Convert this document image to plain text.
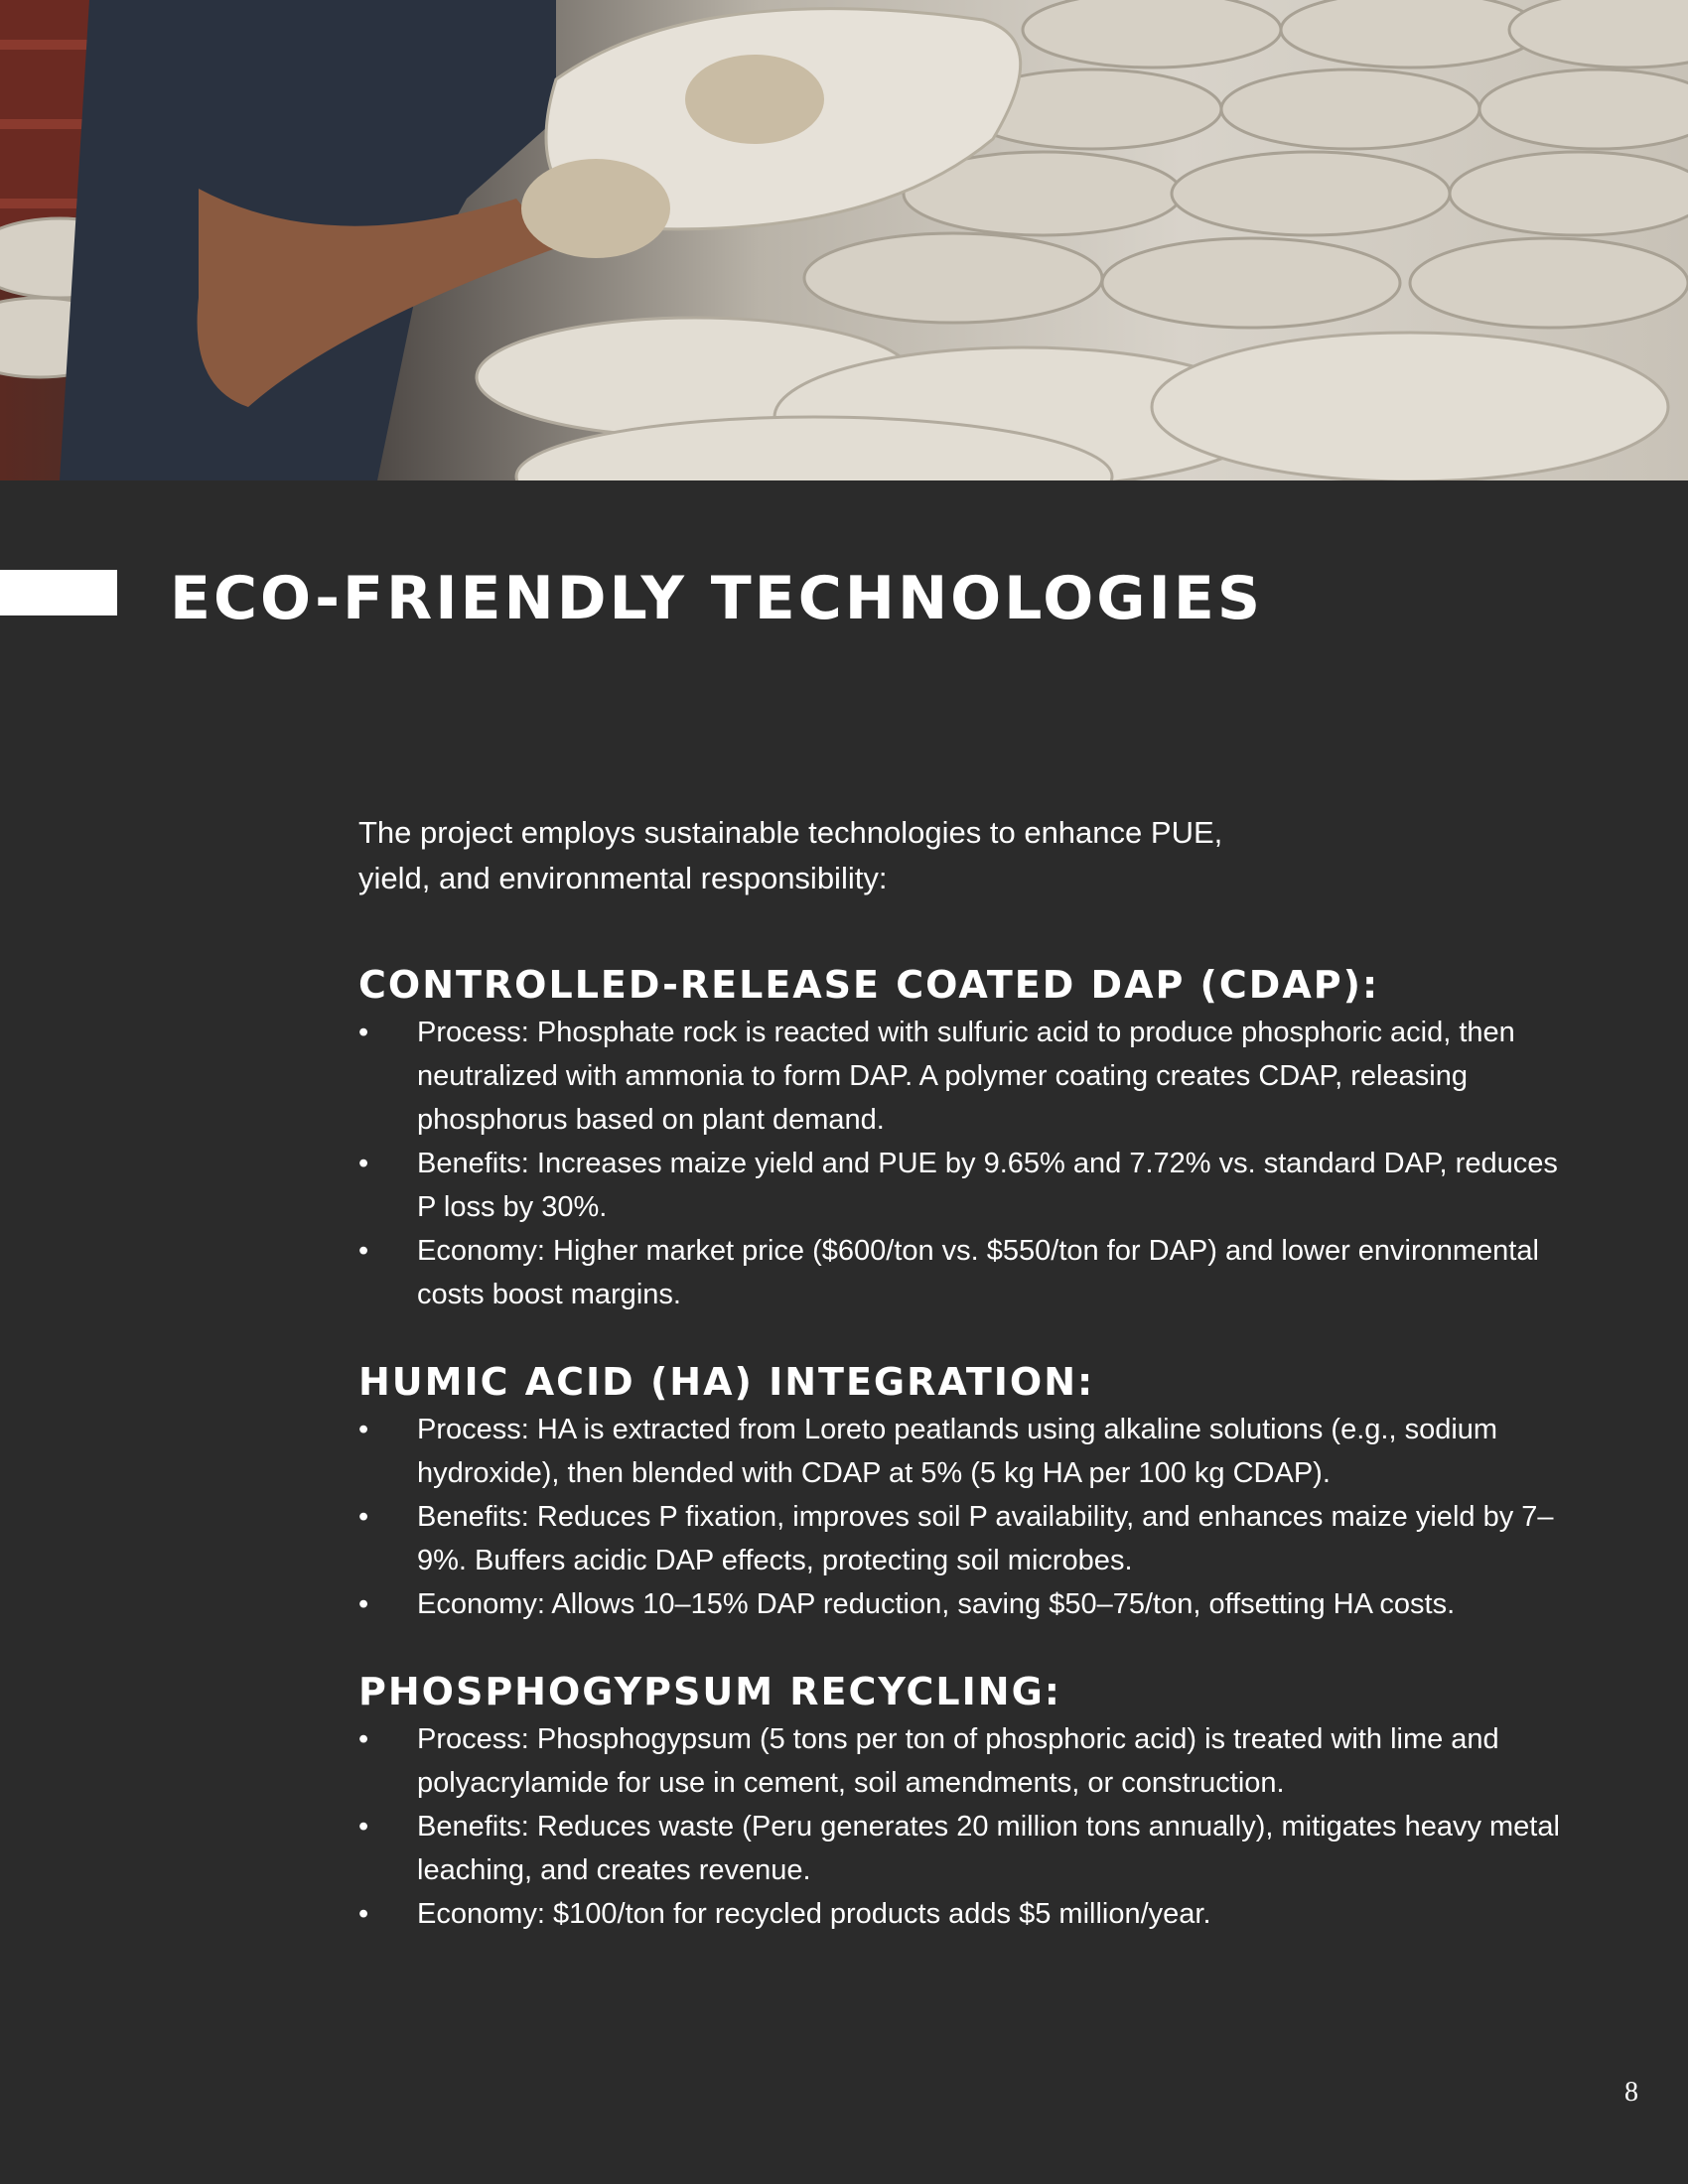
ECO-FRIENDLY TECHNOLOGIES

The project employs sustainable technologies to enhance PUE, yield, and environmental responsibility:

CONTROLLED-RELEASE COATED DAP (CDAP):
•	Process: Phosphate rock is reacted with sulfuric acid to produce phosphoric acid, then neutralized with ammonia to form DAP. A polymer coating creates CDAP, releasing phosphorus based on plant demand.
•	Benefits: Increases maize yield and PUE by 9.65% and 7.72% vs. standard DAP, reduces P loss by 30%.
•	Economy: Higher market price ($600/ton vs. $550/ton for DAP) and lower environmental costs boost margins.
HUMIC ACID (HA) INTEGRATION:
•	Process: HA is extracted from Loreto peatlands using alkaline solutions (e.g., sodium hydroxide), then blended with CDAP at 5% (5 kg HA per 100 kg CDAP).
•	Benefits: Reduces P fixation, improves soil P availability, and enhances maize yield by 7–9%. Buffers acidic DAP effects, protecting soil microbes.
•	Economy: Allows 10–15% DAP reduction, saving $50–75/ton, offsetting HA costs.
PHOSPHOGYPSUM RECYCLING:
•	Process: Phosphogypsum (5 tons per ton of phosphoric acid) is treated with lime and polyacrylamide for use in cement, soil amendments, or construction.
•	Benefits: Reduces waste (Peru generates 20 million tons annually), mitigates heavy metal leaching, and creates revenue.
•	Economy: $100/ton for recycled products adds $5 million/year.
8
